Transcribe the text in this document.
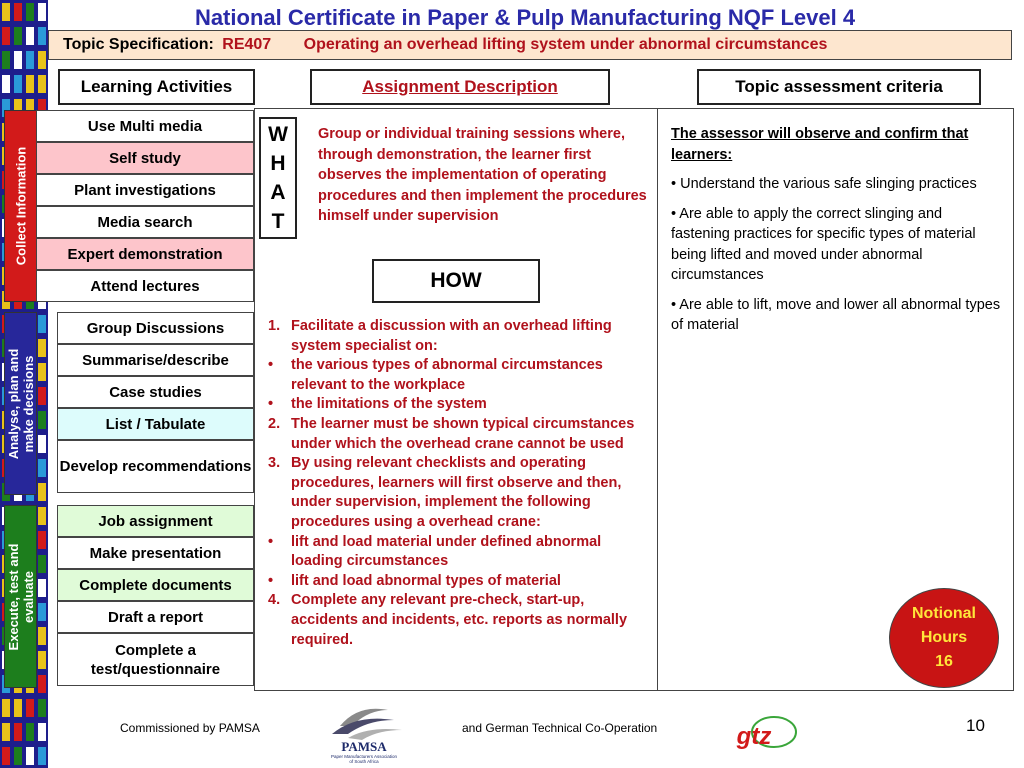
National Certificate in Paper & Pulp Manufacturing NQF Level 4
Topic Specification: RE407 Operating an overhead lifting system under abnormal circumstances
Learning Activities	Assignment Description	Topic assessment criteria
Collect Information
Analyse, plan and make decisions
Execute, test and evaluate
Use Multi media
Self study
Plant investigations
Media search
Expert demonstration
Attend lectures
Group Discussions
Summarise/describe
Case studies
List / Tabulate
Develop recommendations
Job assignment
Make presentation
Complete documents
Draft a report
Complete a test/questionnaire
W
H
A
T
Group or individual training sessions where, through demonstration, the learner first observes the implementation of operating procedures and then implement the procedures himself under supervision
HOW
1. Facilitate a discussion with an overhead lifting system specialist on:
• the various types of abnormal circumstances relevant to the workplace
• the limitations of the system
2. The learner must be shown typical circumstances under which the overhead crane cannot be used
3. By using relevant checklists and operating procedures, learners will first observe and then, under supervision, implement the following procedures using a overhead crane:
• lift and load material under defined abnormal loading circumstances
• lift and load abnormal types of material
4. Complete any relevant pre-check, start-up, accidents and incidents, etc. reports as normally required.
The assessor will observe and confirm that learners:

• Understand the various safe slinging practices

• Are able to apply the correct slinging and fastening practices for specific types of material being lifted and moved under abnormal circumstances

• Are able to lift, move and lower all abnormal types of material

Notional
Hours
16
Commissioned by PAMSA
PAMSA
Paper Manufacturers Association
of South Africa
and German Technical Co-Operation	gtz	10
